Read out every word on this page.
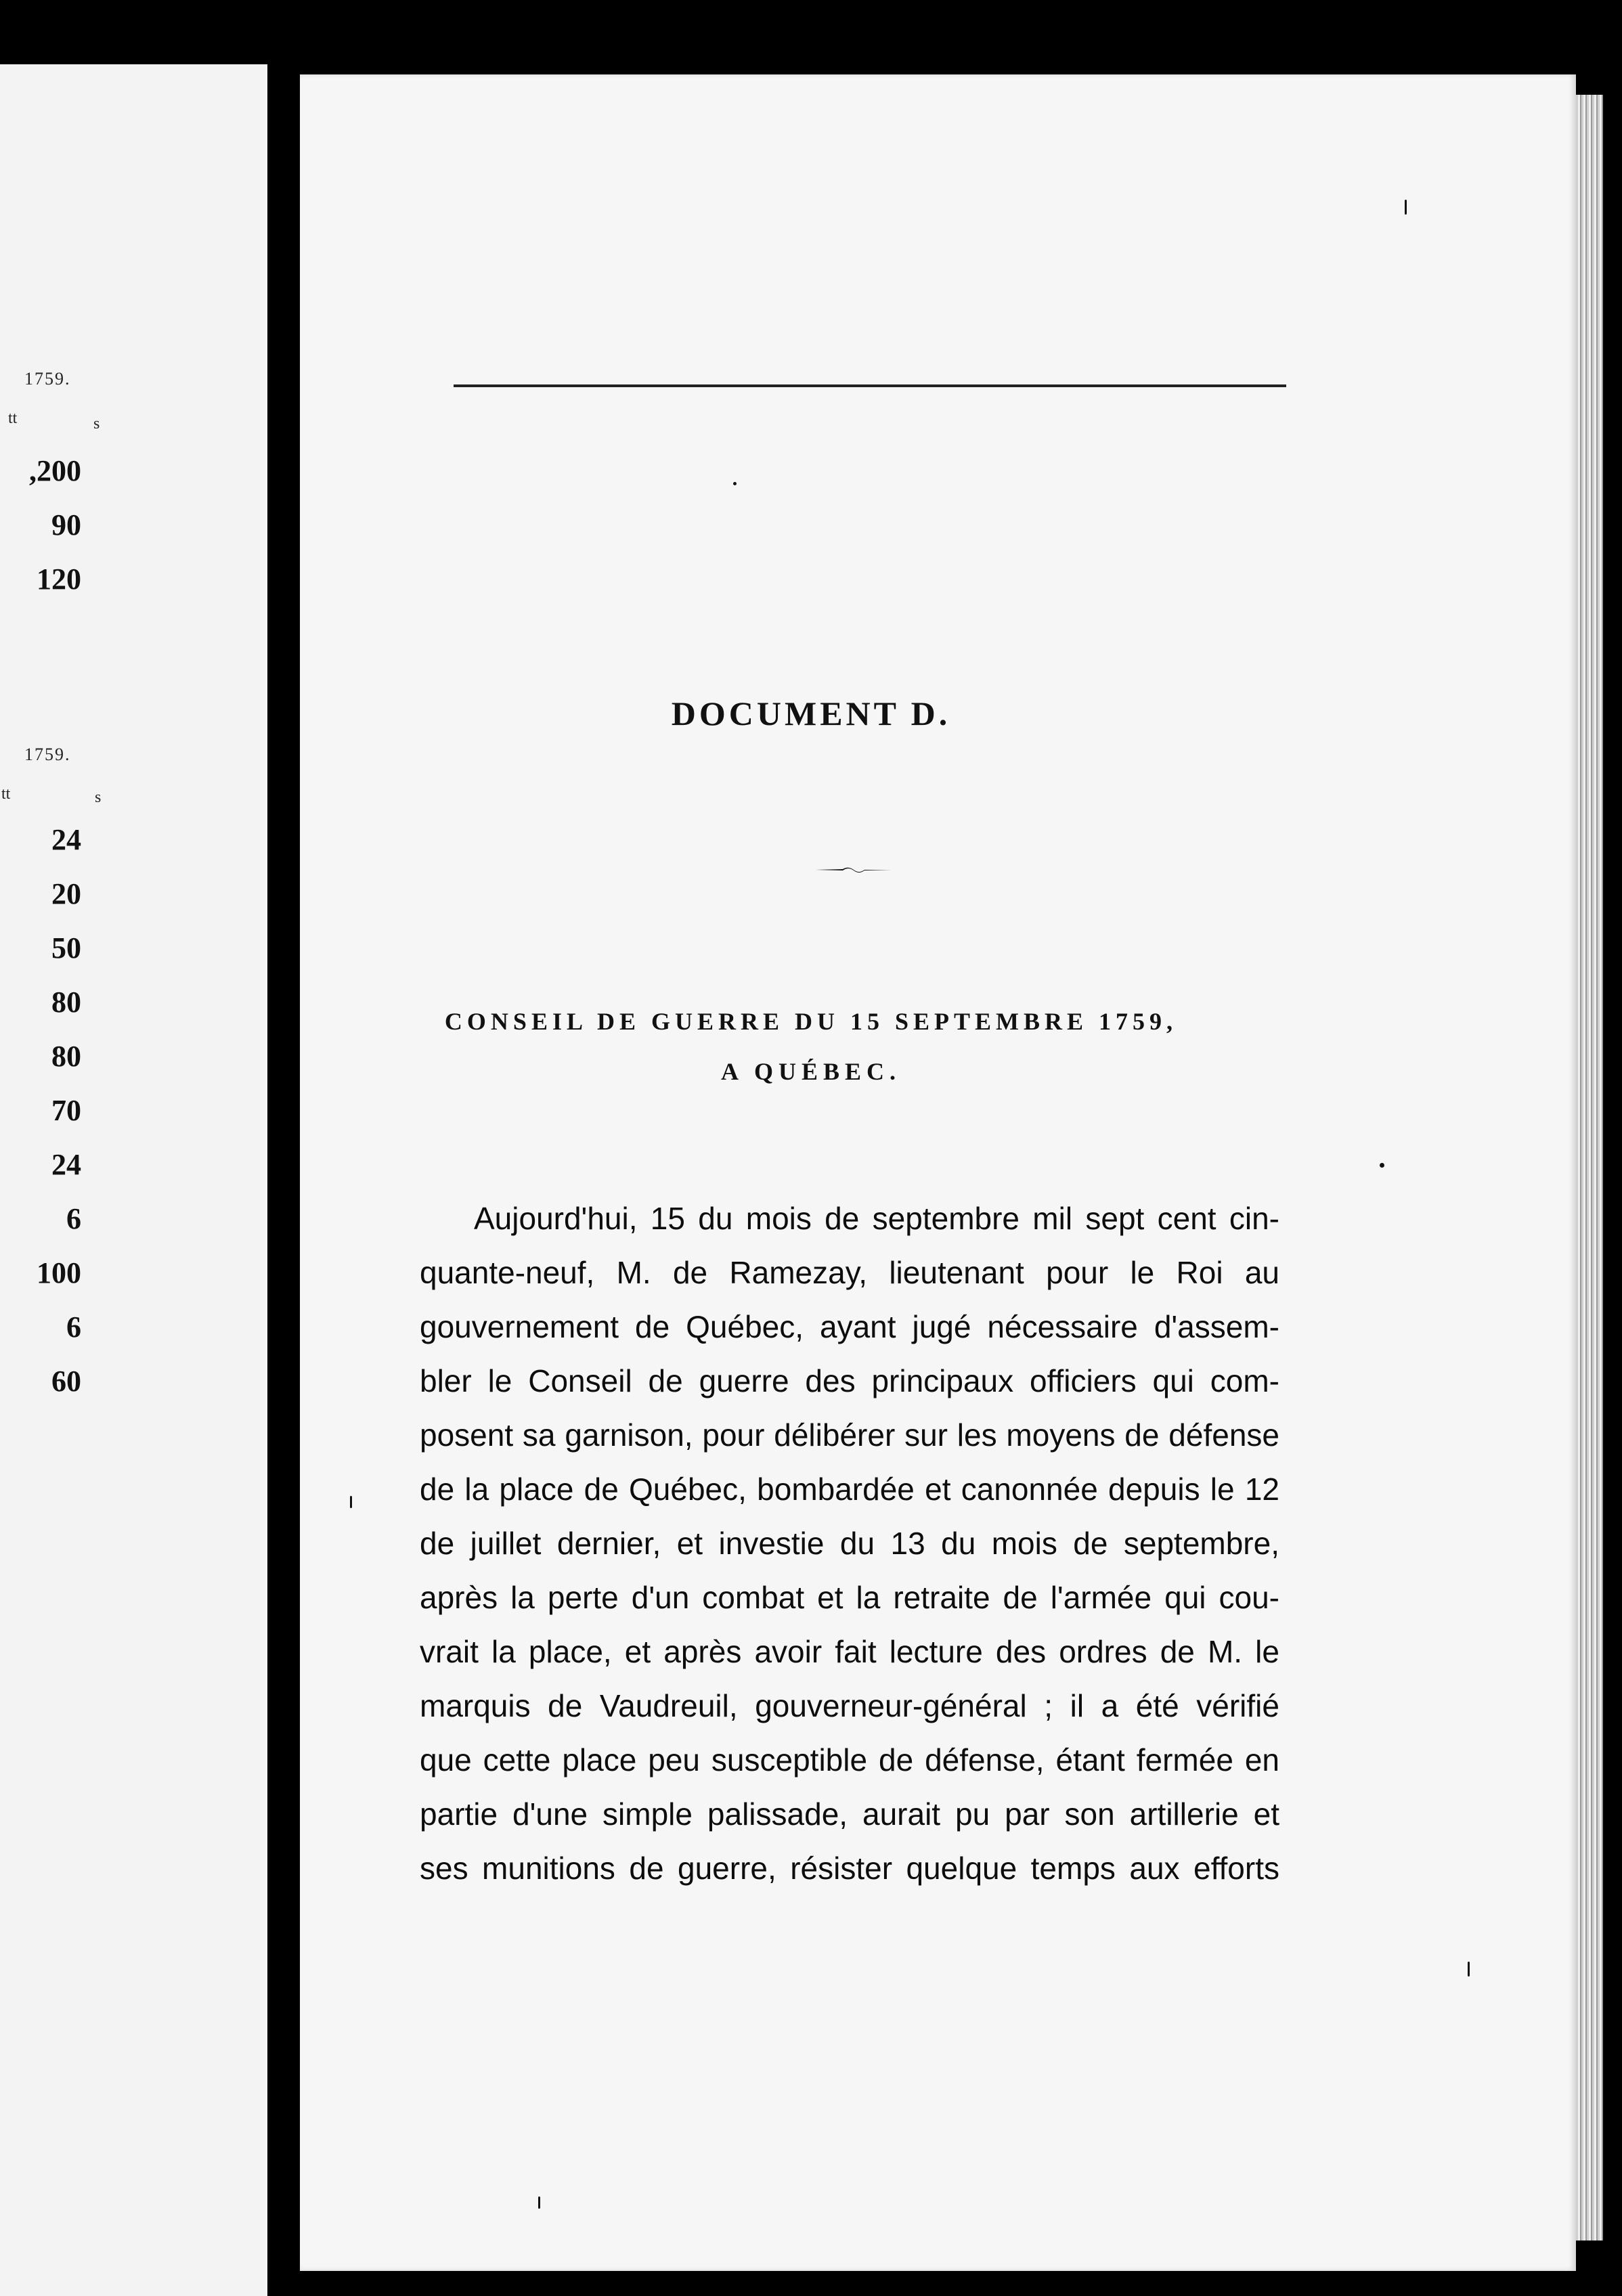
1759.
tt	s
,200
90
120
1759.
tt	s
24
20
50
80
80
70
24
6
100
6
60
DOCUMENT D.
CONSEIL DE GUERRE DU 15 SEPTEMBRE 1759,
A QUÉBEC.
Aujourd'hui, 15 du mois de septembre mil sept cent cin-
quante-neuf, M. de Ramezay, lieutenant pour le Roi au
gouvernement de Québec, ayant jugé nécessaire d'assem-
bler le Conseil de guerre des principaux officiers qui com-
posent sa garnison, pour délibérer sur les moyens de défense
de la place de Québec, bombardée et canonnée depuis le 12
de juillet dernier, et investie du 13 du mois de septembre,
après la perte d'un combat et la retraite de l'armée qui cou-
vrait la place, et après avoir fait lecture des ordres de M. le
marquis de Vaudreuil, gouverneur-général ; il a été vérifié
que cette place peu susceptible de défense, étant fermée en
partie d'une simple palissade, aurait pu par son artillerie et
ses munitions de guerre, résister quelque temps aux efforts
